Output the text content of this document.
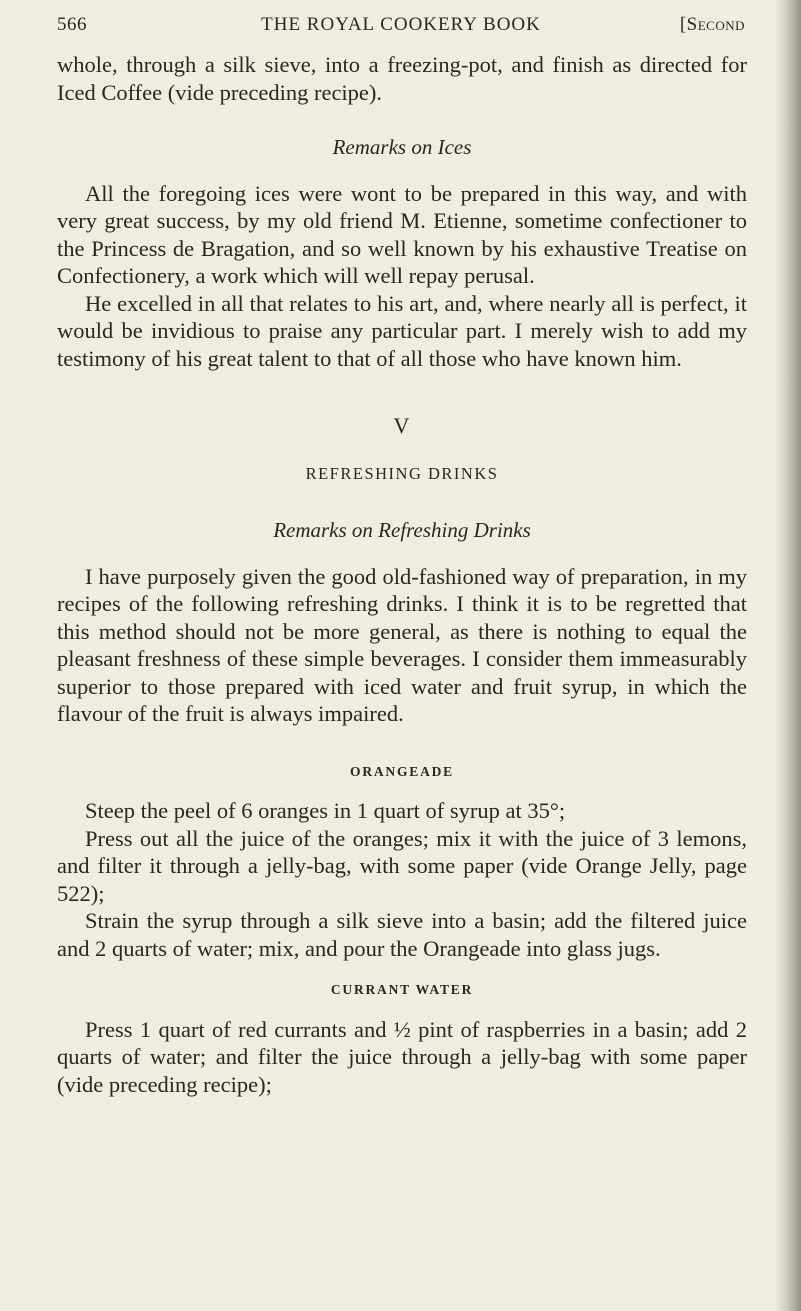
566	THE ROYAL COOKERY BOOK	[Second

whole, through a silk sieve, into a freezing-pot, and finish as directed for Iced Coffee (vide preceding recipe).

Remarks on Ices

All the foregoing ices were wont to be prepared in this way, and with very great success, by my old friend M. Etienne, sometime confectioner to the Princess de Bragation, and so well known by his exhaustive Treatise on Confectionery, a work which will well repay perusal.

He excelled in all that relates to his art, and, where nearly all is perfect, it would be invidious to praise any particular part. I merely wish to add my testimony of his great talent to that of all those who have known him.

V

REFRESHING DRINKS

Remarks on Refreshing Drinks

I have purposely given the good old-fashioned way of preparation, in my recipes of the following refreshing drinks. I think it is to be regretted that this method should not be more general, as there is nothing to equal the pleasant freshness of these simple beverages. I consider them immeasurably superior to those prepared with iced water and fruit syrup, in which the flavour of the fruit is always impaired.

ORANGEADE

Steep the peel of 6 oranges in 1 quart of syrup at 35°;

Press out all the juice of the oranges; mix it with the juice of 3 lemons, and filter it through a jelly-bag, with some paper (vide Orange Jelly, page 522);

Strain the syrup through a silk sieve into a basin; add the filtered juice and 2 quarts of water; mix, and pour the Orangeade into glass jugs.

CURRANT WATER

Press 1 quart of red currants and ½ pint of raspberries in a basin; add 2 quarts of water; and filter the juice through a jelly-bag with some paper (vide preceding recipe);
